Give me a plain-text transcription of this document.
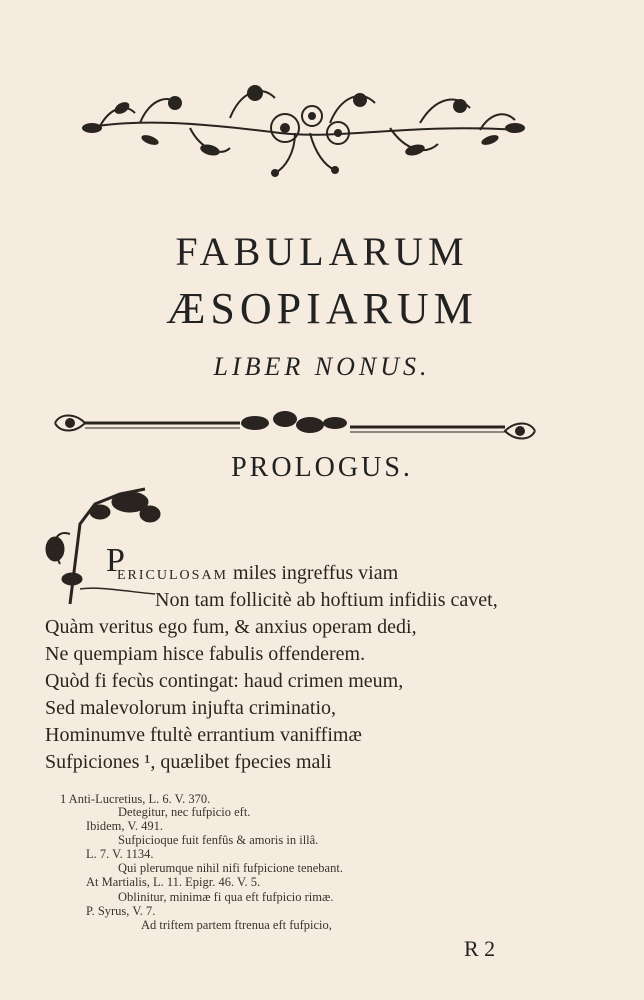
FABULARUM
ÆSOPIARUM
LIBER NONUS.
PROLOGUS.
P
ericulosam miles ingreffus viam
Non tam follicitè ab hoftium infidiis cavet,
Quàm veritus ego fum, & anxius operam dedi,
Ne quempiam hisce fabulis offenderem.
Quòd fi fecùs contingat: haud crimen meum,
Sed malevolorum injufta criminatio,
Hominumve ftultè errantium vaniffimæ
Sufpiciones ¹, quælibet fpecies mali
1 Anti-Lucretius, L. 6. V. 370.
Detegitur, nec fufpicio eft.
Ibidem, V. 491.
Sufpicioque fuit fenfûs & amoris in illâ.
L. 7. V. 1134.
Qui plerumque nihil nifi fufpicione tenebant.
At Martialis, L. 11. Epigr. 46. V. 5.
Oblinitur, minimæ fi qua eft fufpicio rimæ.
P. Syrus, V. 7.
Ad triftem partem ftrenua eft fufpicio,
R 2
